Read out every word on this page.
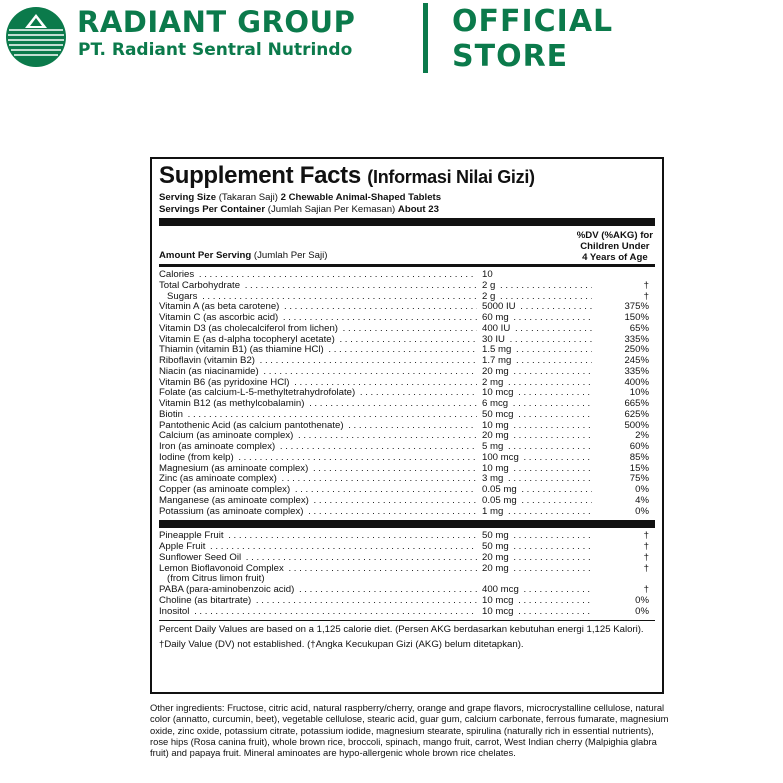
RADIANT GROUP
PT. Radiant Sentral Nutrindo
OFFICIAL
STORE
Supplement Facts (Informasi Nilai Gizi)
Serving Size (Takaran Saji) 2 Chewable Animal-Shaped Tablets
Servings Per Container (Jumlah Sajian Per Kemasan) About 23
Amount Per Serving (Jumlah Per Saji)
%DV (%AKG) for
Children Under
4 Years of Age
Calories . . .	10
Total Carbohydrate . . .	2 g . . .	†
Sugars . . .	2 g . . .	†
Vitamin A (as beta carotene) . . .	5000 IU . . .	375%
Vitamin C (as ascorbic acid) . . .	60 mg . . .	150%
Vitamin D3 (as cholecalciferol from lichen) . . .	400 IU . . .	65%
Vitamin E (as d-alpha tocopheryl acetate) . . .	30 IU . . .	335%
Thiamin (vitamin B1) (as thiamine HCl) . . .	1.5 mg . . .	250%
Riboflavin (vitamin B2) . . .	1.7 mg . . .	245%
Niacin (as niacinamide) . . .	20 mg . . .	335%
Vitamin B6 (as pyridoxine HCl) . . .	2 mg . . .	400%
Folate (as calcium-L-5-methyltetrahydrofolate) . . .	10 mcg . . .	10%
Vitamin B12 (as methylcobalamin) . . .	6 mcg . . .	665%
Biotin . . .	50 mcg . . .	625%
Pantothenic Acid (as calcium pantothenate) . . .	10 mg . . .	500%
Calcium (as aminoate complex) . . .	20 mg . . .	2%
Iron (as aminoate complex) . . .	5 mg . . .	60%
Iodine (from kelp) . . .	100 mcg . . .	85%
Magnesium (as aminoate complex) . . .	10 mg . . .	15%
Zinc (as aminoate complex) . . .	3 mg . . .	75%
Copper (as aminoate complex) . . .	0.05 mg . . .	0%
Manganese (as aminoate complex) . . .	0.05 mg . . .	4%
Potassium (as aminoate complex) . . .	1 mg . . .	0%
Pineapple Fruit . . .	50 mg . . .	†
Apple Fruit . . .	50 mg . . .	†
Sunflower Seed Oil . . .	20 mg . . .	†
Lemon Bioflavonoid Complex . . .	20 mg . . .	†
(from Citrus limon fruit)
PABA (para-aminobenzoic acid) . . .	400 mcg . . .	†
Choline (as bitartrate) . . .	10 mcg . . .	0%
Inositol . . .	10 mcg . . .	0%
Percent Daily Values are based on a 1,125 calorie diet. (Persen AKG berdasarkan kebutuhan energi 1,125 Kalori).
†Daily Value (DV) not established. (†Angka Kecukupan Gizi (AKG) belum ditetapkan).
Other ingredients: Fructose, citric acid, natural raspberry/cherry, orange and grape flavors, microcrystalline cellulose, natural color (annatto, curcumin, beet), vegetable cellulose, stearic acid, guar gum, calcium carbonate, ferrous fumarate, magnesium oxide, zinc oxide, potassium citrate, potassium iodide, magnesium stearate, spirulina (naturally rich in essential nutrients), rose hips (Rosa canina fruit), whole brown rice, broccoli, spinach, mango fruit, carrot, West Indian cherry (Malpighia glabra fruit) and papaya fruit. Mineral aminoates are hypo-allergenic whole brown rice chelates.
